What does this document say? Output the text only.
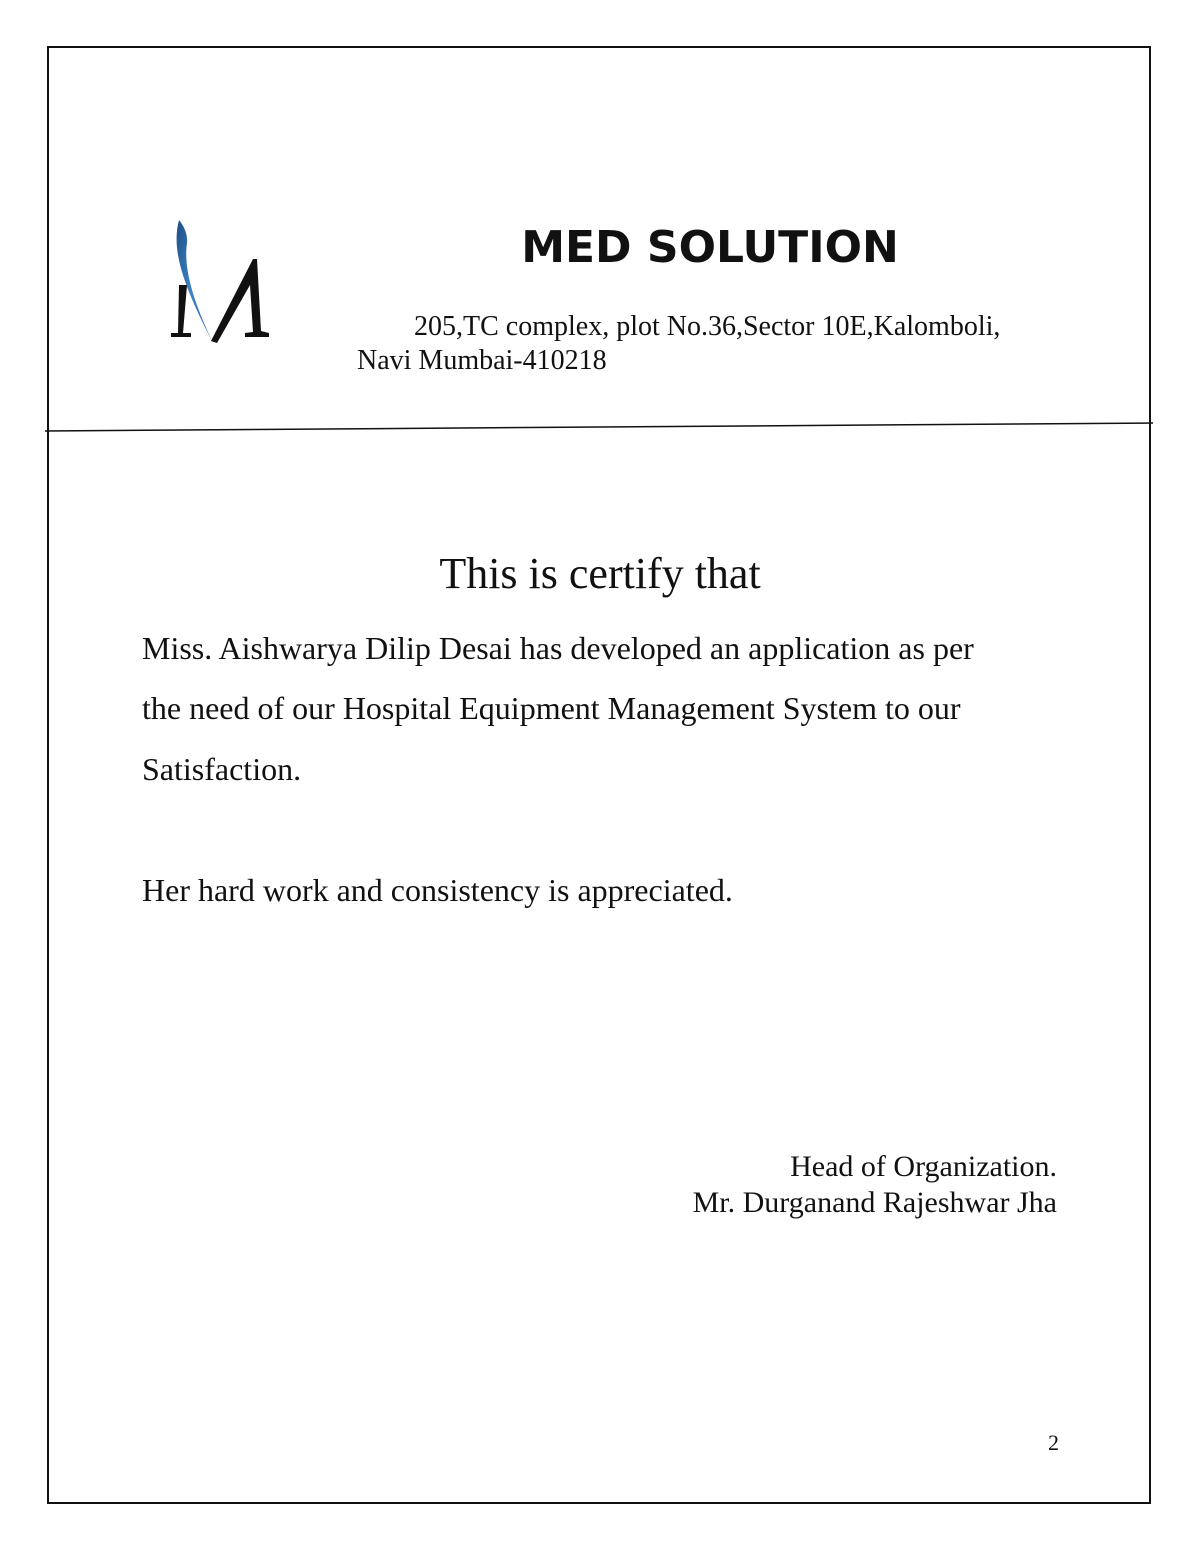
MED SOLUTION
205,TC complex, plot No.36,Sector 10E,Kalomboli,
Navi Mumbai-410218
This is certify that
Miss. Aishwarya Dilip Desai has developed an application as per
the need of our Hospital Equipment Management System to our
Satisfaction.
Her hard work and consistency is appreciated.
Head of Organization.
Mr. Durganand Rajeshwar Jha
2
